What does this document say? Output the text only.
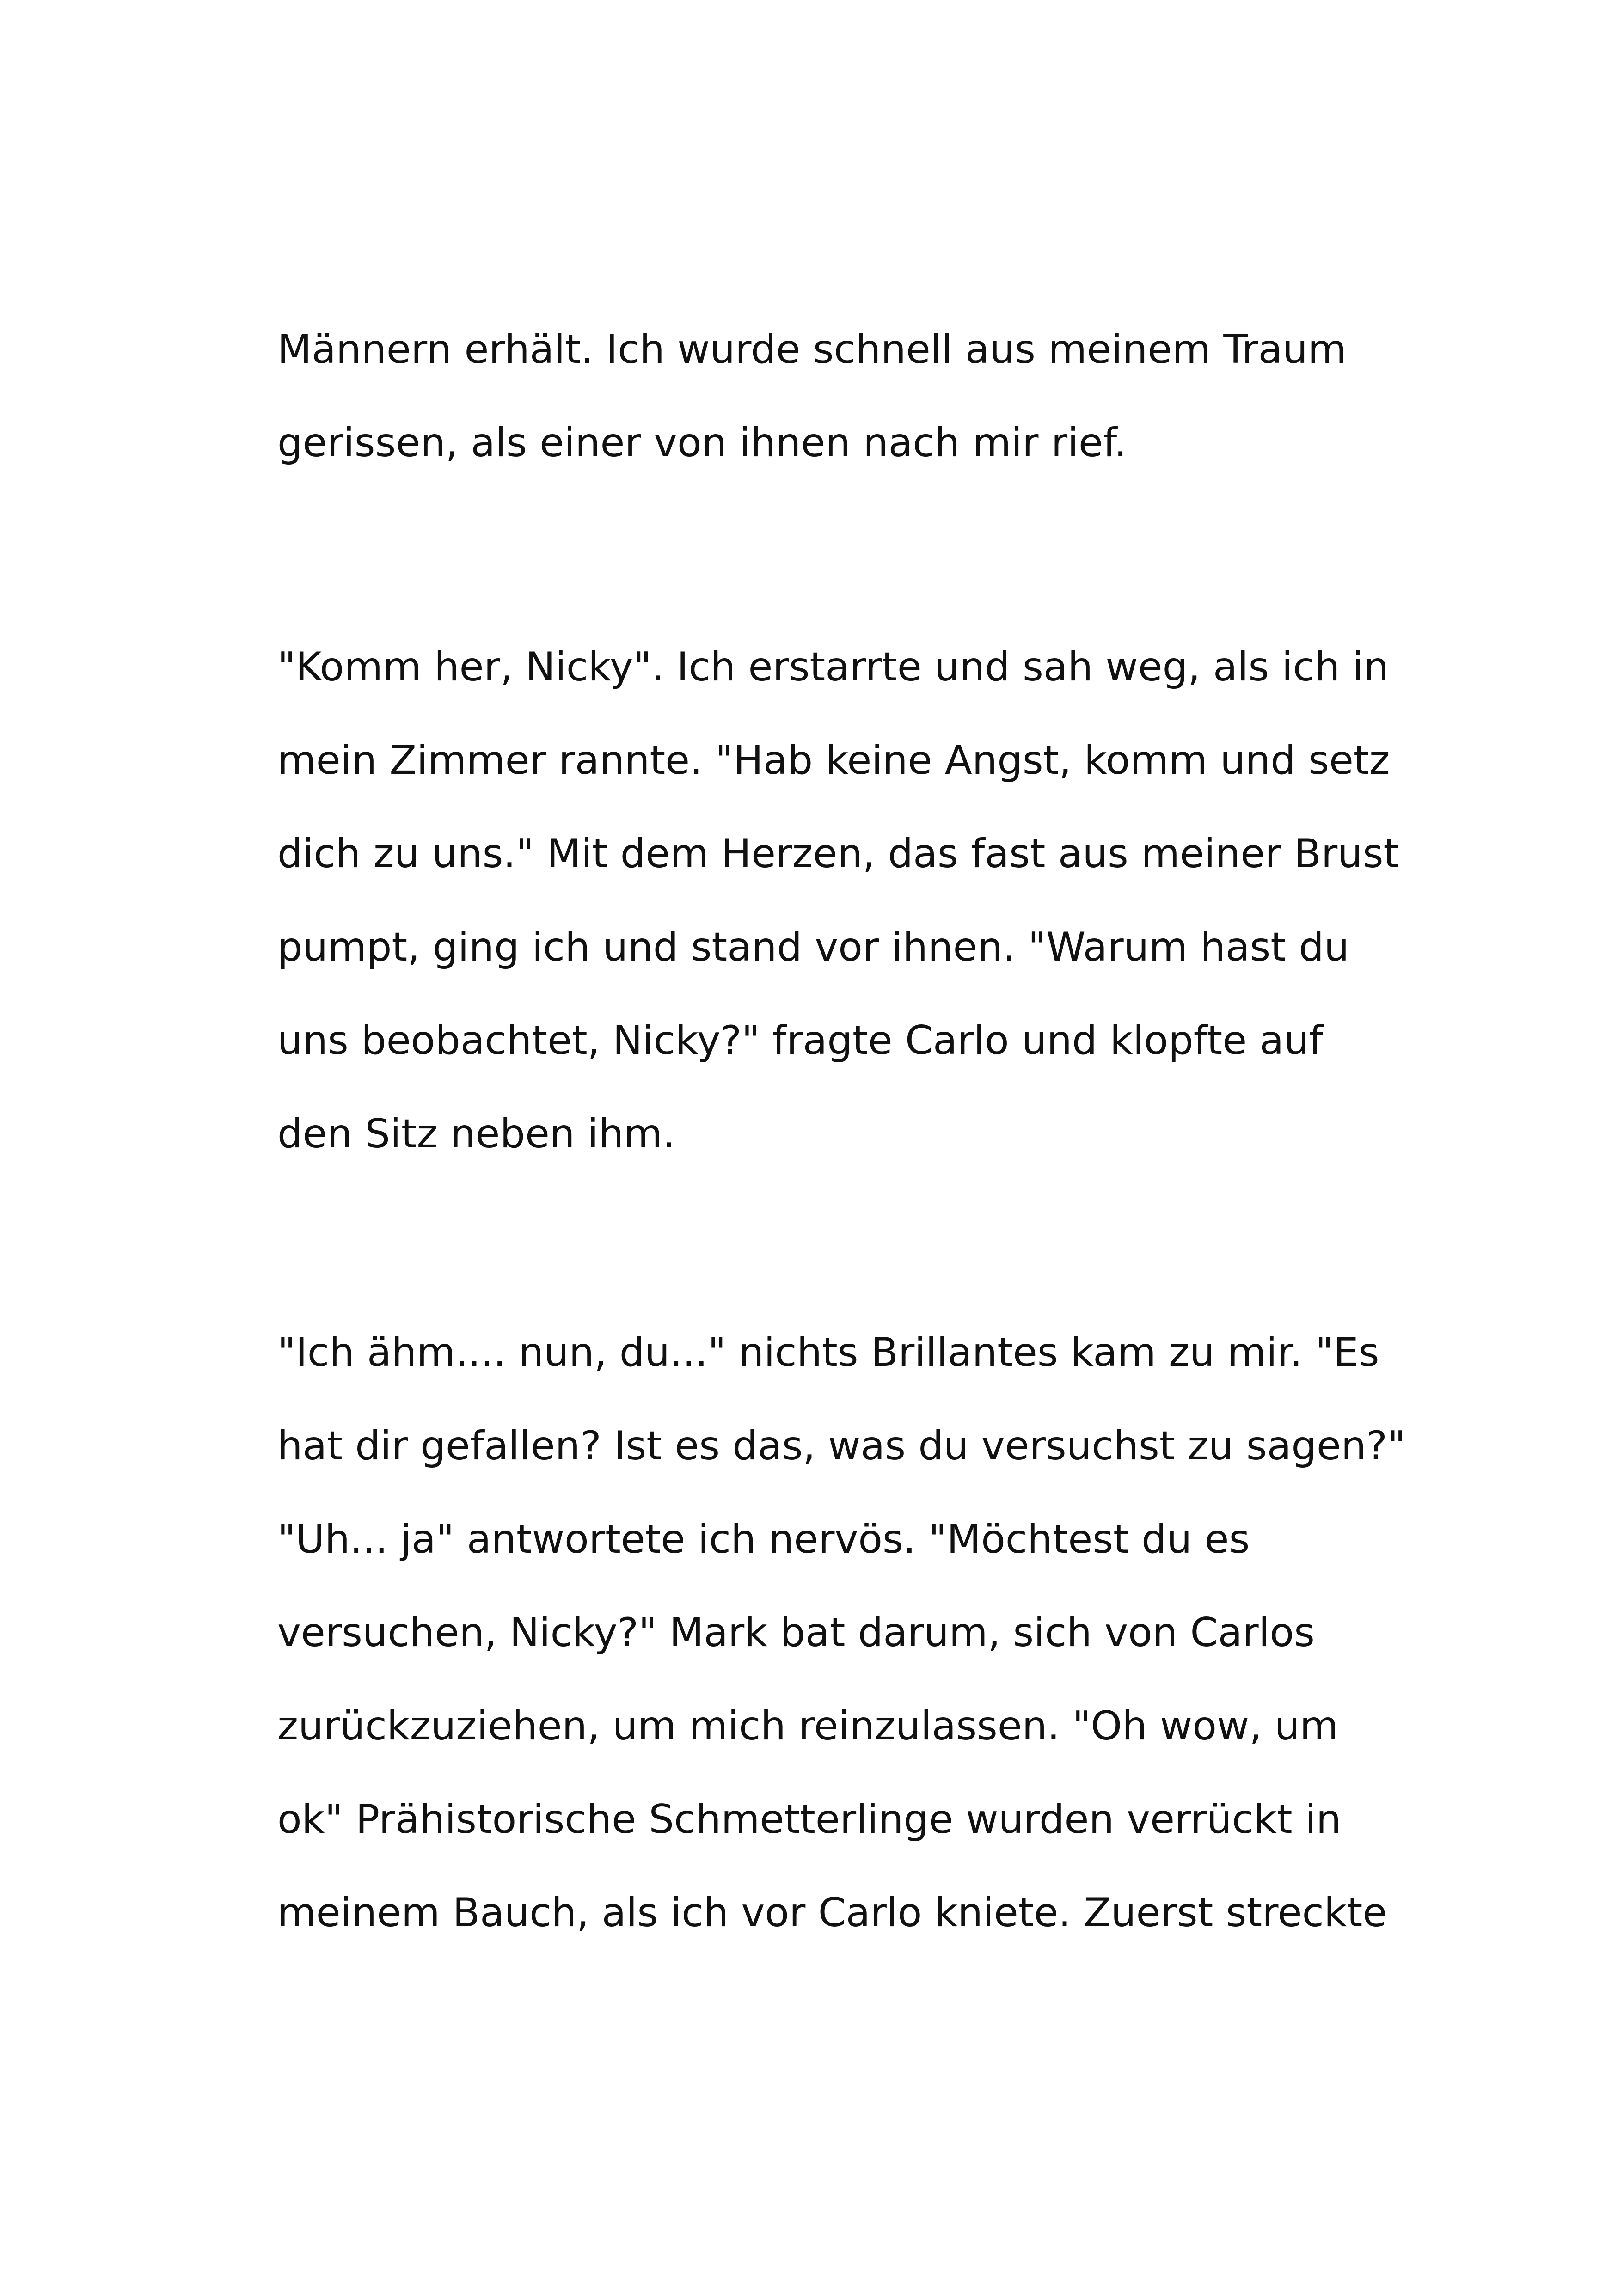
Männern erhält. Ich wurde schnell aus meinem Traum
gerissen, als einer von ihnen nach mir rief.

"Komm her, Nicky". Ich erstarrte und sah weg, als ich in
mein Zimmer rannte. "Hab keine Angst, komm und setz
dich zu uns." Mit dem Herzen, das fast aus meiner Brust
pumpt, ging ich und stand vor ihnen. "Warum hast du
uns beobachtet, Nicky?" fragte Carlo und klopfte auf
den Sitz neben ihm.

"Ich ähm.... nun, du..." nichts Brillantes kam zu mir. "Es
hat dir gefallen? Ist es das, was du versuchst zu sagen?"
"Uh... ja" antwortete ich nervös. "Möchtest du es
versuchen, Nicky?" Mark bat darum, sich von Carlos
zurückzuziehen, um mich reinzulassen. "Oh wow, um
ok" Prähistorische Schmetterlinge wurden verrückt in
meinem Bauch, als ich vor Carlo kniete. Zuerst streckte
